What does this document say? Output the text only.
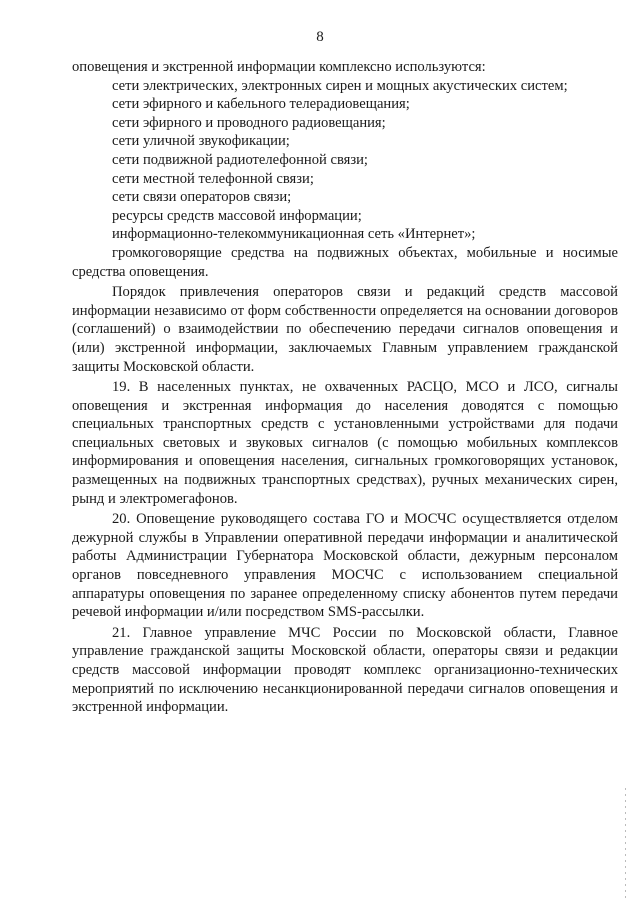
8

оповещения и экстренной информации комплексно используются:

сети электрических, электронных сирен и мощных акустических систем;

сети эфирного и кабельного телерадиовещания;

сети эфирного и проводного радиовещания;

сети уличной звукофикации;

сети подвижной радиотелефонной связи;

сети местной телефонной связи;

сети связи операторов связи;

ресурсы средств массовой информации;

информационно-телекоммуникационная сеть «Интернет»;

громкоговорящие средства на подвижных объектах, мобильные и носимые средства оповещения.

Порядок привлечения операторов связи и редакций средств массовой информации независимо от форм собственности определяется на основании договоров (соглашений) о взаимодействии по обеспечению передачи сигналов оповещения и (или) экстренной информации, заключаемых Главным управлением гражданской защиты Московской области.

19. В населенных пунктах, не охваченных РАСЦО, МСО и ЛСО, сигналы оповещения и экстренная информация до населения доводятся с помощью специальных транспортных средств с установленными устройствами для подачи специальных световых и звуковых сигналов (с помощью мобильных комплексов информирования и оповещения населения, сигнальных громкоговорящих установок, размещенных на подвижных транспортных средствах), ручных механических сирен, рынд и электромегафонов.

20. Оповещение руководящего состава ГО и МОСЧС осуществляется отделом дежурной службы в Управлении оперативной передачи информации и аналитической работы Администрации Губернатора Московской области, дежурным персоналом органов повседневного управления МОСЧС с использованием специальной аппаратуры оповещения по заранее определенному списку абонентов путем передачи речевой информации и/или посредством SMS-рассылки.

21. Главное управление МЧС России по Московской области, Главное управление гражданской защиты Московской области, операторы связи и редакции средств массовой информации проводят комплекс организационно-технических мероприятий по исключению несанкционированной передачи сигналов оповещения и экстренной информации.
